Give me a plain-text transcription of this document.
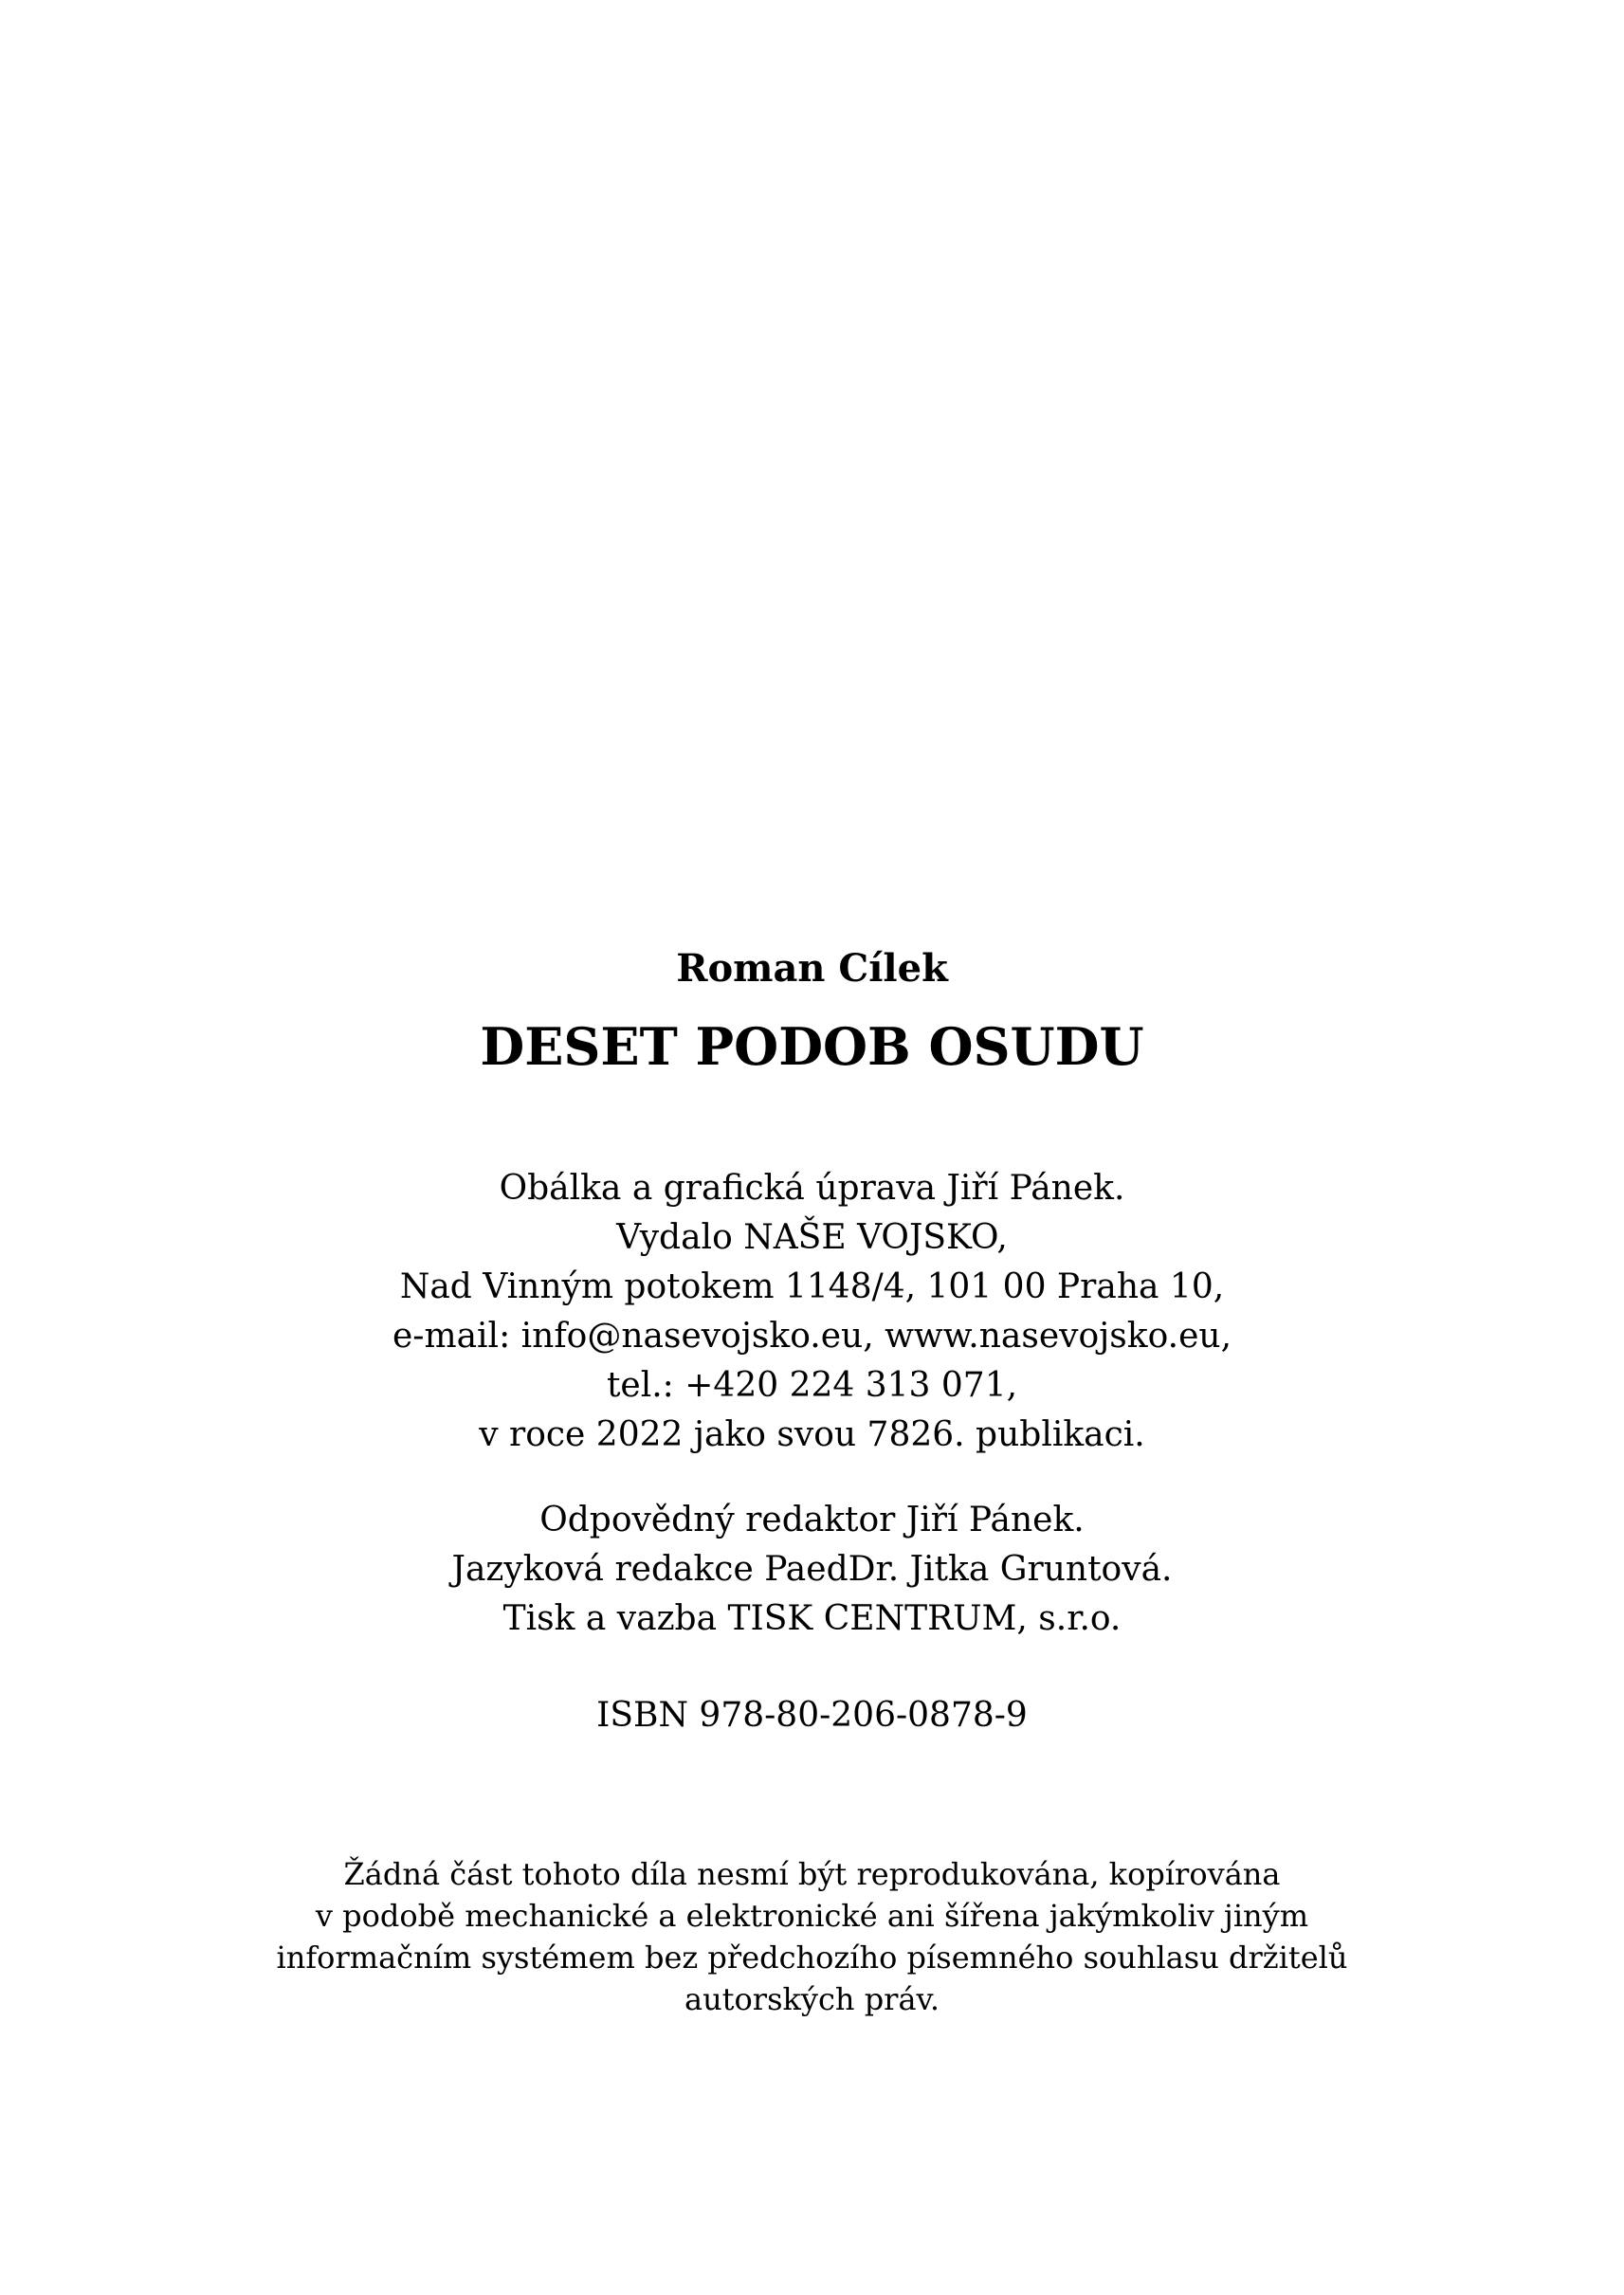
Roman Cílek
DESET PODOB OSUDU
Obálka a grafická úprava Jiří Pánek.
Vydalo NAŠE VOJSKO,
Nad Vinným potokem 1148/4, 101 00 Praha 10,
e-mail: info@nasevojsko.eu, www.nasevojsko.eu,
tel.: +420 224 313 071,
v roce 2022 jako svou 7826. publikaci.
Odpovědný redaktor Jiří Pánek.
Jazyková redakce PaedDr. Jitka Gruntová.
Tisk a vazba TISK CENTRUM, s.r.o.
ISBN 978-80-206-0878-9
Žádná část tohoto díla nesmí být reprodukována, kopírována
v podobě mechanické a elektronické ani šířena jakýmkoliv jiným
informačním systémem bez předchozího písemného souhlasu držitelů
autorských práv.
